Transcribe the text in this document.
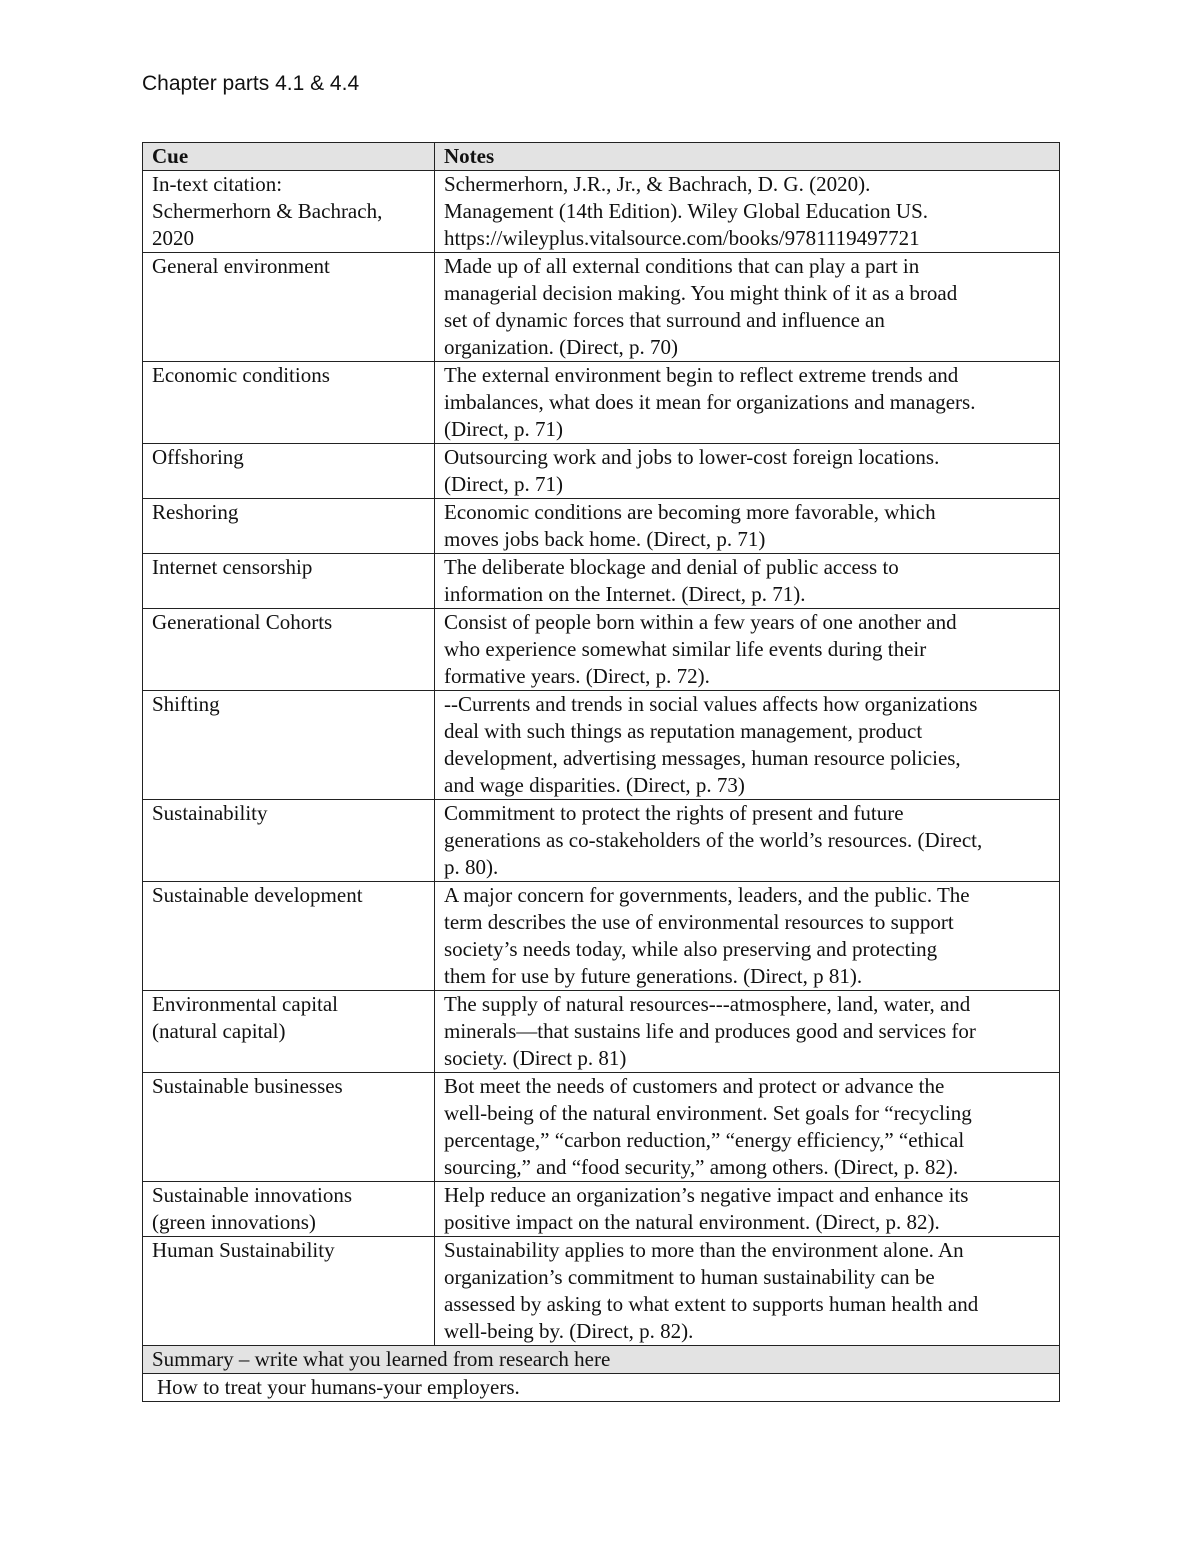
Chapter parts 4.1 & 4.4
Cue	Notes

In-text citation:
Schermerhorn & Bachrach,
2020	Schermerhorn, J.R., Jr., & Bachrach, D. G. (2020).
Management (14th Edition). Wiley Global Education US.
https://wileyplus.vitalsource.com/books/9781119497721

General environment	Made up of all external conditions that can play a part in
managerial decision making. You might think of it as a broad
set of dynamic forces that surround and influence an
organization. (Direct, p. 70)

Economic conditions	The external environment begin to reflect extreme trends and
imbalances, what does it mean for organizations and managers.
(Direct, p. 71)

Offshoring	Outsourcing work and jobs to lower-cost foreign locations.
(Direct, p. 71)

Reshoring	Economic conditions are becoming more favorable, which
moves jobs back home. (Direct, p. 71)

Internet censorship	The deliberate blockage and denial of public access to
information on the Internet. (Direct, p. 71).

Generational Cohorts	Consist of people born within a few years of one another and
who experience somewhat similar life events during their
formative years. (Direct, p. 72).

Shifting	--Currents and trends in social values affects how organizations
deal with such things as reputation management, product
development, advertising messages, human resource policies,
and wage disparities. (Direct, p. 73)

Sustainability	Commitment to protect the rights of present and future
generations as co-stakeholders of the world’s resources. (Direct,
p. 80).

Sustainable development	A major concern for governments, leaders, and the public. The
term describes the use of environmental resources to support
society’s needs today, while also preserving and protecting
them for use by future generations. (Direct, p 81).

Environmental capital
(natural capital)	The supply of natural resources---atmosphere, land, water, and
minerals—that sustains life and produces good and services for
society. (Direct p. 81)

Sustainable businesses	Bot meet the needs of customers and protect or advance the
well-being of the natural environment. Set goals for “recycling
percentage,” “carbon reduction,” “energy efficiency,” “ethical
sourcing,” and “food security,” among others. (Direct, p. 82).

Sustainable innovations
(green innovations)	Help reduce an organization’s negative impact and enhance its
positive impact on the natural environment. (Direct, p. 82).

Human Sustainability	Sustainability applies to more than the environment alone. An
organization’s commitment to human sustainability can be
assessed by asking to what extent to supports human health and
well-being by. (Direct, p. 82).

Summary – write what you learned from research here	
How to treat your humans-your employers.	
